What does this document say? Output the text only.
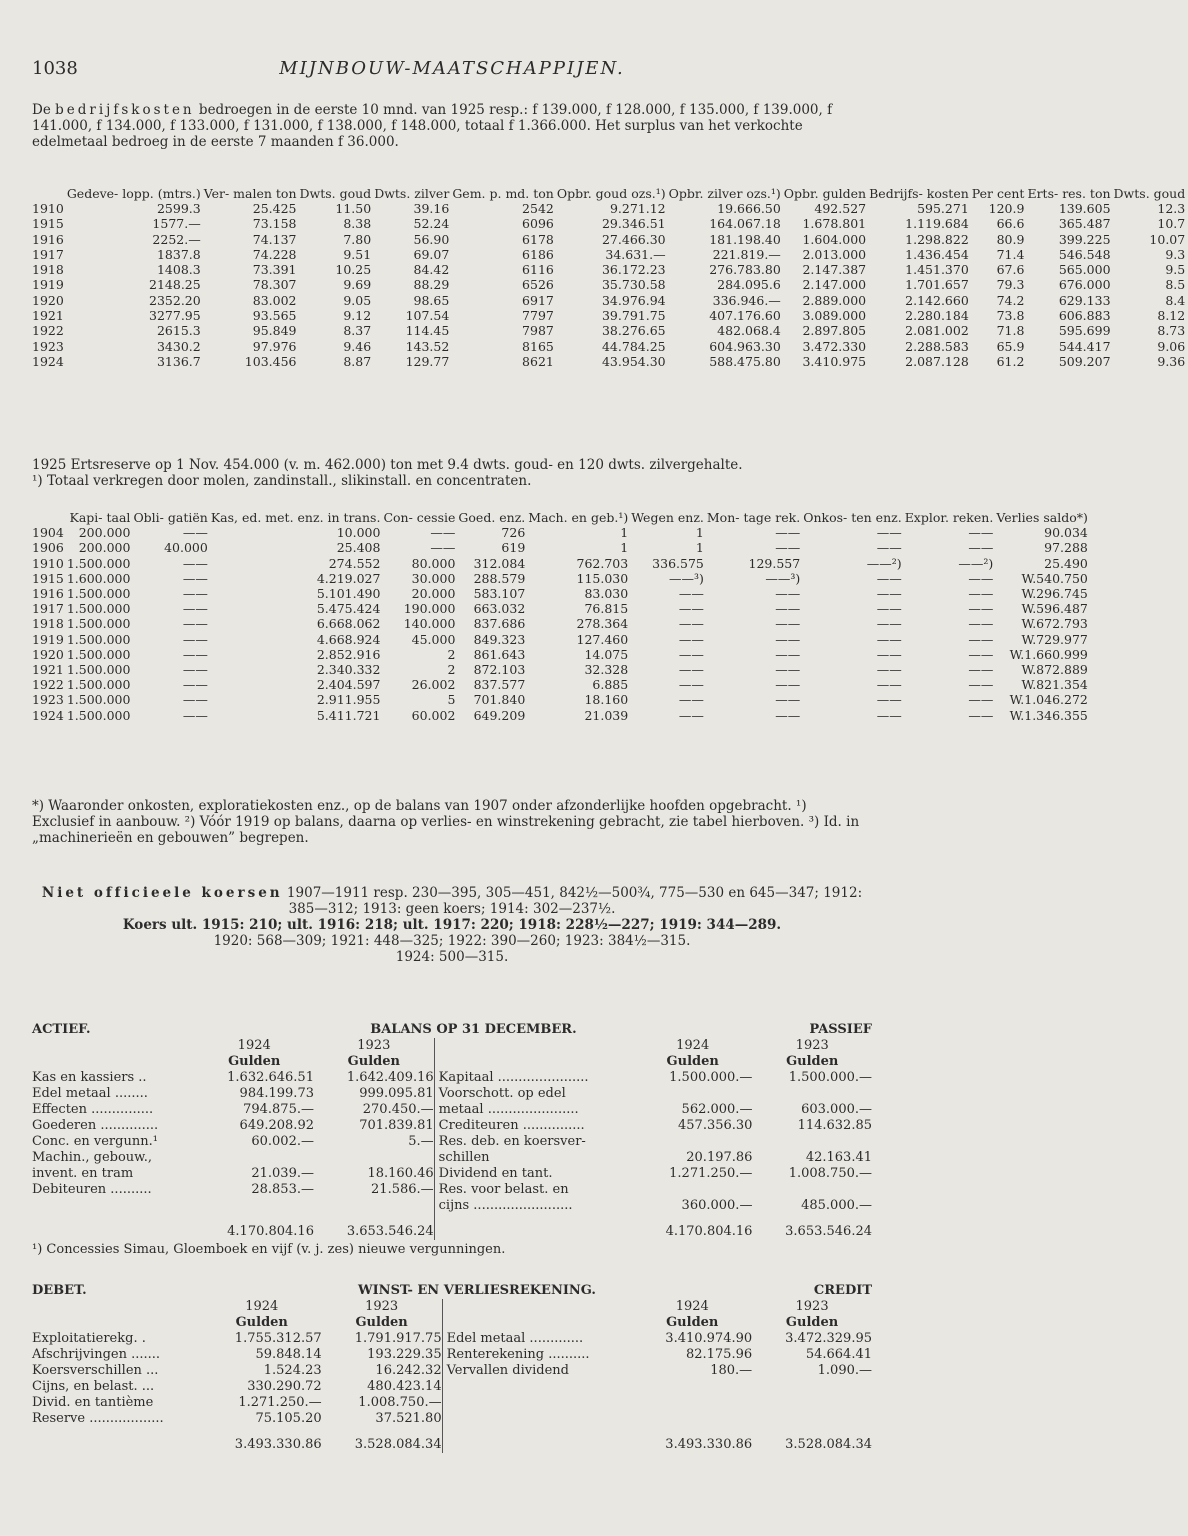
1038	MIJNBOUW-MAATSCHAPPIJEN.

De bedrijfskosten bedroegen in de eerste 10 mnd. van 1925 resp.: f 139.000, f 128.000, f 135.000, f 139.000, f 141.000, f 134.000, f 133.000, f 131.000, f 138.000, f 148.000, totaal f 1.366.000. Het surplus van het verkochte edelmetaal bedroeg in de eerste 7 maanden f 36.000.

	Gedeve- lopp. (mtrs.)	Ver- malen ton	Dwts. goud	Dwts. zilver	Gem. p. md. ton	Opbr. goud ozs.¹)	Opbr. zilver ozs.¹)	Opbr. gulden	Bedrijfs- kosten	Per cent	Erts- res. ton	Dwts. goud
1910	2599.3	25.425	11.50	39.16	2542	9.271.12	19.666.50	492.527	595.271	120.9	139.605	12.3
1915	1577.—	73.158	8.38	52.24	6096	29.346.51	164.067.18	1.678.801	1.119.684	66.6	365.487	10.7
1916	2252.—	74.137	7.80	56.90	6178	27.466.30	181.198.40	1.604.000	1.298.822	80.9	399.225	10.07
1917	1837.8	74.228	9.51	69.07	6186	34.631.—	221.819.—	2.013.000	1.436.454	71.4	546.548	9.3
1918	1408.3	73.391	10.25	84.42	6116	36.172.23	276.783.80	2.147.387	1.451.370	67.6	565.000	9.5
1919	2148.25	78.307	9.69	88.29	6526	35.730.58	284.095.6	2.147.000	1.701.657	79.3	676.000	8.5
1920	2352.20	83.002	9.05	98.65	6917	34.976.94	336.946.—	2.889.000	2.142.660	74.2	629.133	8.4
1921	3277.95	93.565	9.12	107.54	7797	39.791.75	407.176.60	3.089.000	2.280.184	73.8	606.883	8.12
1922	2615.3	95.849	8.37	114.45	7987	38.276.65	482.068.4	2.897.805	2.081.002	71.8	595.699	8.73
1923	3430.2	97.976	9.46	143.52	8165	44.784.25	604.963.30	3.472.330	2.288.583	65.9	544.417	9.06
1924	3136.7	103.456	8.87	129.77	8621	43.954.30	588.475.80	3.410.975	2.087.128	61.2	509.207	9.36

1925 Ertsreserve op 1 Nov. 454.000 (v. m. 462.000) ton met 9.4 dwts. goud- en 120 dwts. zilvergehalte.

¹) Totaal verkregen door molen, zandinstall., slikinstall. en concentraten.

	Kapi- taal	Obli- gatiën	Kas, ed. met. enz. in trans.	Con- cessie	Goed. enz.	Mach. en geb.¹)	Wegen enz.	Mon- tage rek.	Onkos- ten enz.	Explor. reken.	Verlies saldo*)
1904	200.000	——	10.000	——	726	1	1	——	——	——	90.034
1906	200.000	40.000	25.408	——	619	1	1	——	——	——	97.288
1910	1.500.000	——	274.552	80.000	312.084	762.703	336.575	129.557	——²)	——²)	25.490
1915	1.600.000	——	4.219.027	30.000	288.579	115.030	——³)	——³)	——	——	W.540.750
1916	1.500.000	——	5.101.490	20.000	583.107	83.030	——	——	——	——	W.296.745
1917	1.500.000	——	5.475.424	190.000	663.032	76.815	——	——	——	——	W.596.487
1918	1.500.000	——	6.668.062	140.000	837.686	278.364	——	——	——	——	W.672.793
1919	1.500.000	——	4.668.924	45.000	849.323	127.460	——	——	——	——	W.729.977
1920	1.500.000	——	2.852.916	2	861.643	14.075	——	——	——	——	W.1.660.999
1921	1.500.000	——	2.340.332	2	872.103	32.328	——	——	——	——	W.872.889
1922	1.500.000	——	2.404.597	26.002	837.577	6.885	——	——	——	——	W.821.354
1923	1.500.000	——	2.911.955	5	701.840	18.160	——	——	——	——	W.1.046.272
1924	1.500.000	——	5.411.721	60.002	649.209	21.039	——	——	——	——	W.1.346.355

*) Waaronder onkosten, exploratiekosten enz., op de balans van 1907 onder afzonderlijke hoofden opgebracht. ¹) Exclusief in aanbouw. ²) Vóór 1919 op balans, daarna op verlies- en winstrekening gebracht, zie tabel hierboven. ³) Id. in „machinerieën en gebouwen” begrepen.

Niet officieele koersen 1907—1911 resp. 230—395, 305—451, 842½—500¾, 775—530 en 645—347; 1912: 385—312; 1913: geen koers; 1914: 302—237½.

Koers ult. 1915: 210; ult. 1916: 218; ult. 1917: 220; 1918: 228½—227; 1919: 344—289.

1920: 568—309; 1921: 448—325; 1922: 390—260; 1923: 384½—315.

1924: 500—315.

ACTIEF.	BALANS OP 31 DECEMBER.				PASSIEF
	1924	1923		1924	1923
	Gulden	Gulden		Gulden	Gulden
Kas en kassiers ..	1.632.646.51	1.642.409.16	Kapitaal ......................	1.500.000.—	1.500.000.—
Edel metaal ........	984.199.73	999.095.81	Voorschott. op edel		
Effecten ...............	794.875.—	270.450.—	metaal ......................	562.000.—	603.000.—
Goederen ..............	649.208.92	701.839.81	Crediteuren ...............	457.356.30	114.632.85
Conc. en vergunn.¹	60.002.—	5.—	Res. deb. en koersver-		
Machin., gebouw.,			schillen	20.197.86	42.163.41
invent. en tram	21.039.—	18.160.46	Dividend en tant.	1.271.250.—	1.008.750.—
Debiteuren ..........	28.853.—	21.586.—	Res. voor belast. en		
			cijns ........................	360.000.—	485.000.—
	4.170.804.16	3.653.546.24		4.170.804.16	3.653.546.24

¹) Concessies Simau, Gloemboek en vijf (v. j. zes) nieuwe vergunningen.

DEBET.	WINST- EN VERLIESREKENING.				CREDIT
	1924	1923		1924	1923
	Gulden	Gulden		Gulden	Gulden
Exploitatierekg. .	1.755.312.57	1.791.917.75	Edel metaal .............	3.410.974.90	3.472.329.95
Afschrijvingen .......	59.848.14	193.229.35	Renterekening ..........	82.175.96	54.664.41
Koersverschillen ...	1.524.23	16.242.32	Vervallen dividend	180.—	1.090.—
Cijns, en belast. ...	330.290.72	480.423.14			
Divid. en tantième	1.271.250.—	1.008.750.—			
Reserve ..................	75.105.20	37.521.80			
	3.493.330.86	3.528.084.34		3.493.330.86	3.528.084.34
